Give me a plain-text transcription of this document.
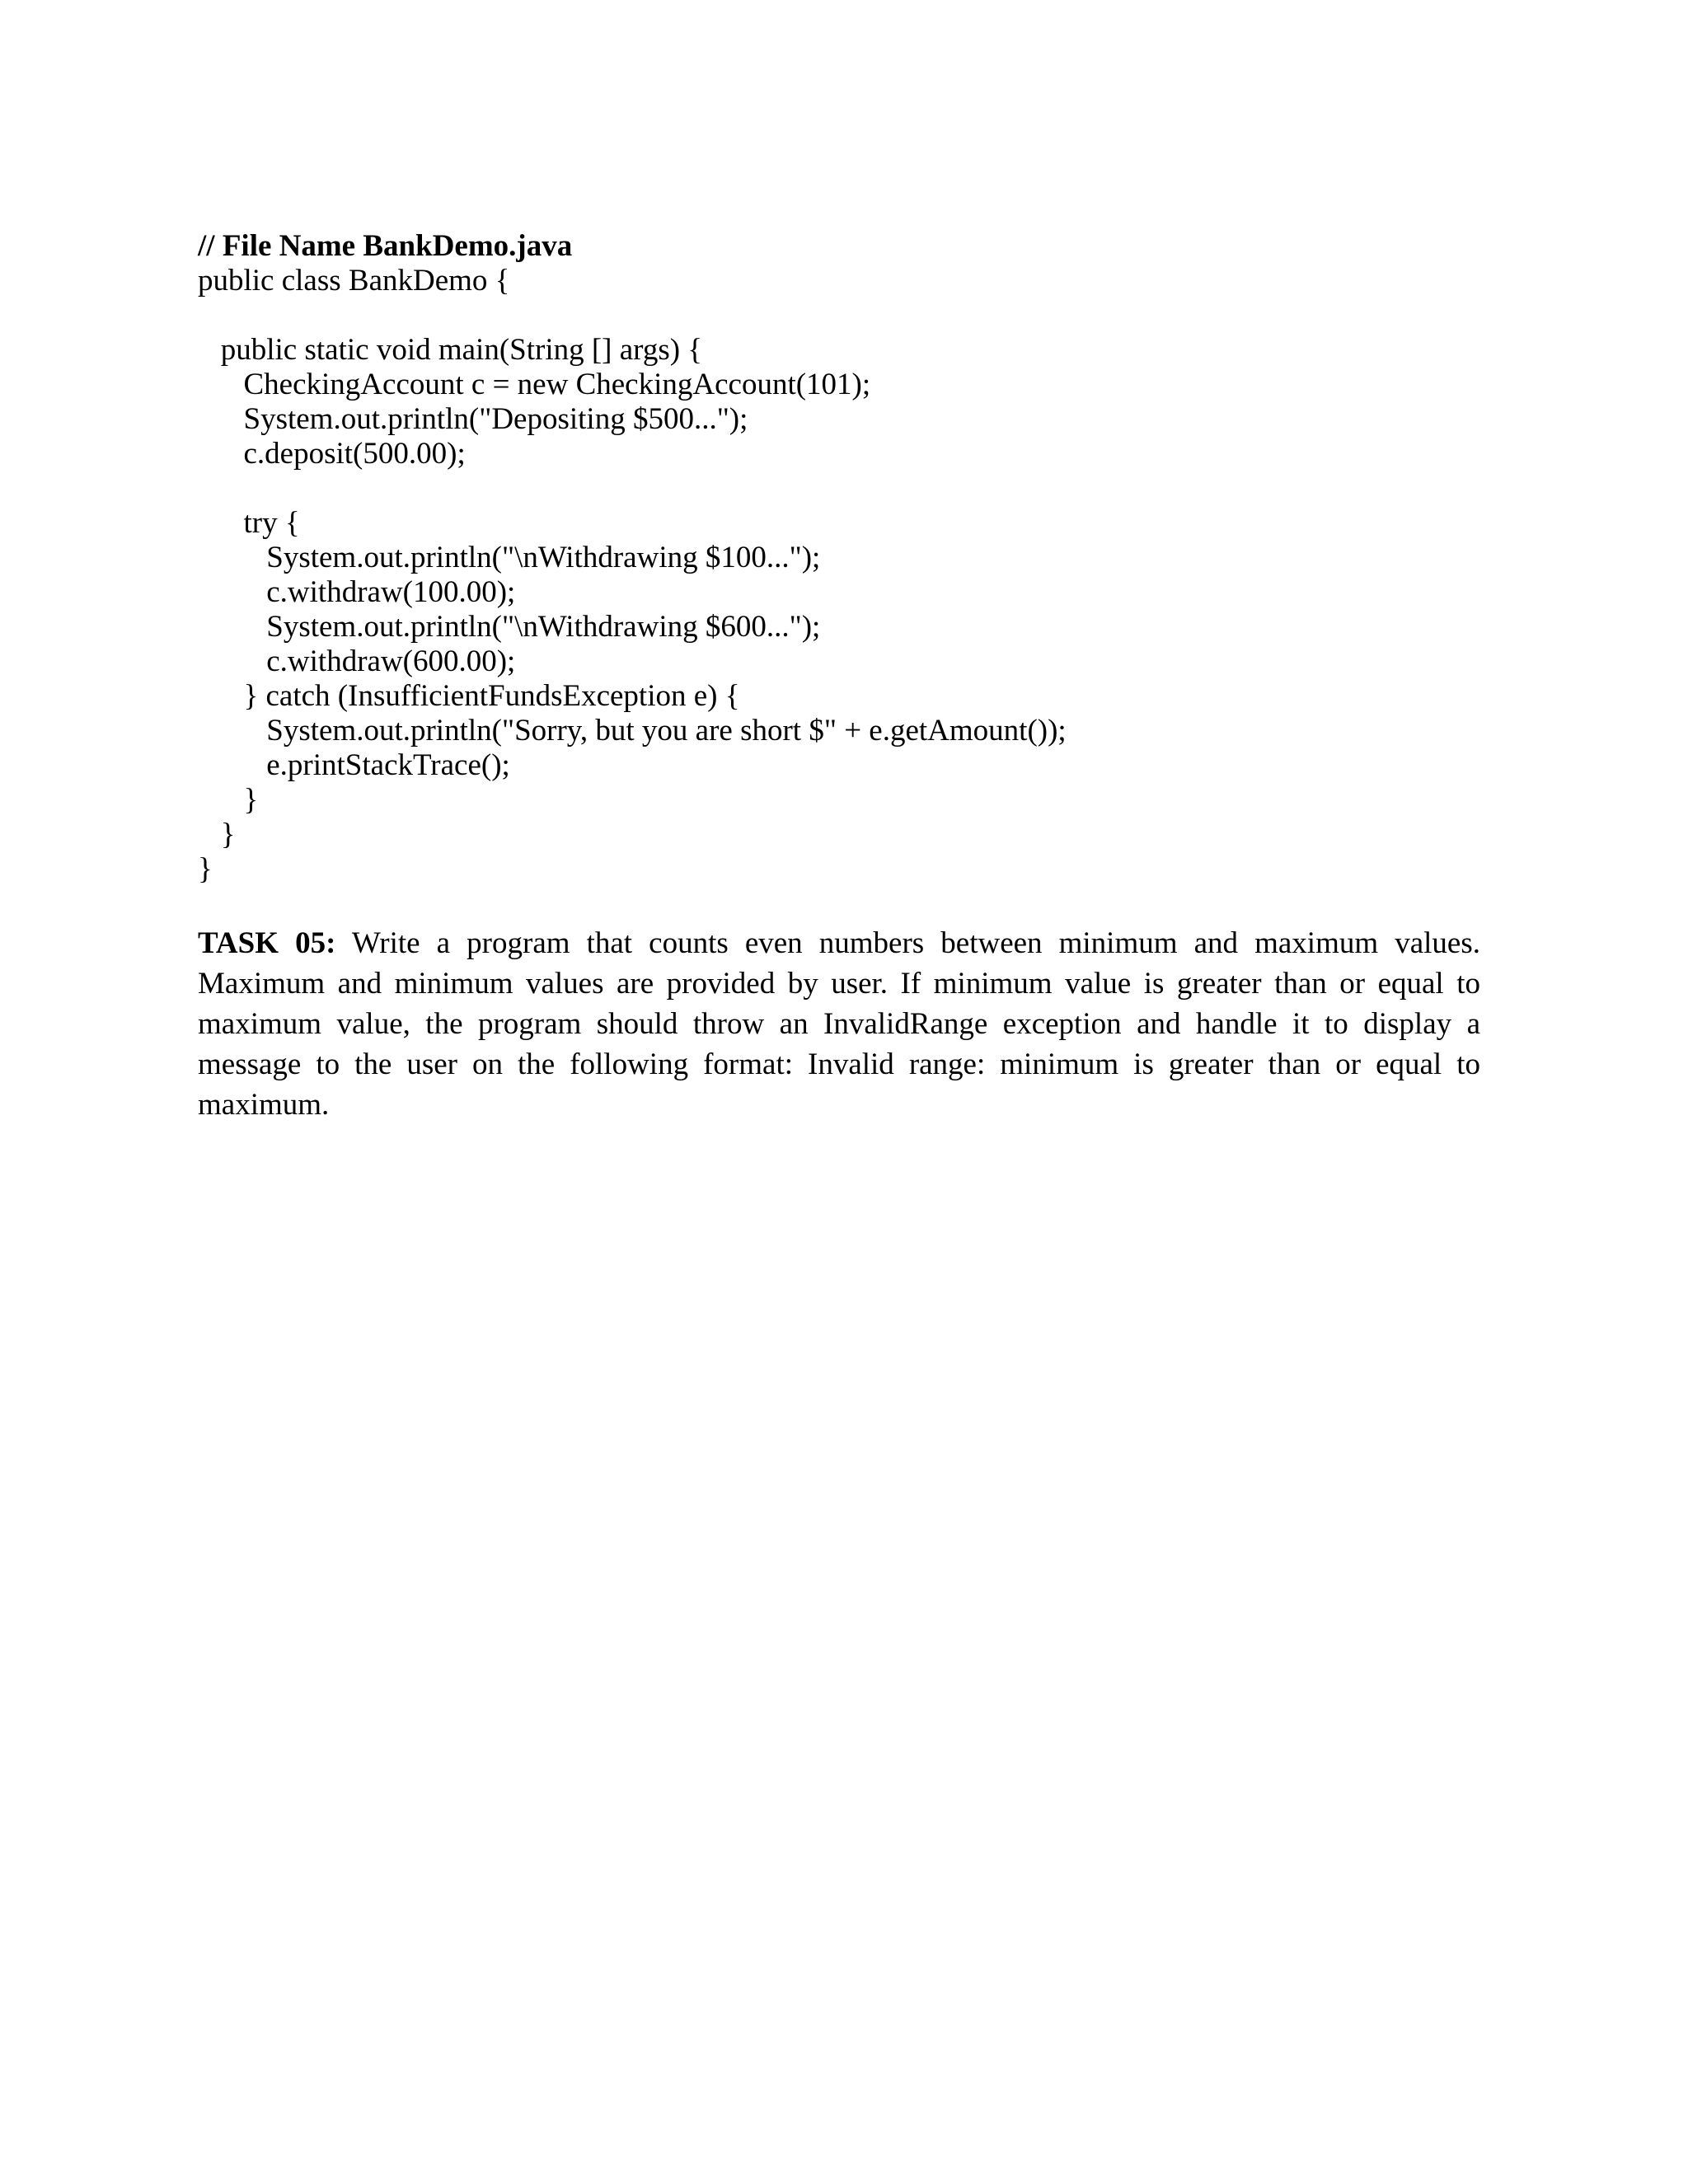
// File Name BankDemo.java
public class BankDemo {
public static void main(String [] args) {
CheckingAccount c = new CheckingAccount(101);
System.out.println("Depositing $500...");
c.deposit(500.00);
try {
System.out.println("\nWithdrawing $100...");
c.withdraw(100.00);
System.out.println("\nWithdrawing $600...");
c.withdraw(600.00);
} catch (InsufficientFundsException e) {
System.out.println("Sorry, but you are short $" + e.getAmount());
e.printStackTrace();
}
}
}

TASK 05: Write a program that counts even numbers between minimum and maximum values. Maximum and minimum values are provided by user. If minimum value is greater than or equal to maximum value, the program should throw an InvalidRange exception and handle it to display a message to the user on the following format: Invalid range: minimum is greater than or equal to maximum.
